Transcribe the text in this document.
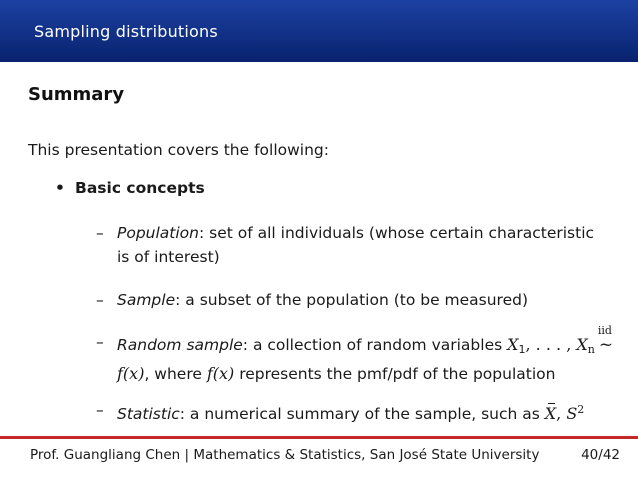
Sampling distributions
Summary
This presentation covers the following:
• Basic concepts
– Population: set of all individuals (whose certain characteristic
is of interest)
– Sample: a subset of the population (to be measured)
– Random sample: a collection of random variables X1, . . . , Xn
iid
~

f(x), where f(x) represents the pmf/pdf of the population
– Statistic: a numerical summary of the sample, such as X, $S^2$
Prof. Guangliang Chen | Mathematics & Statistics, San José State University	40/42
